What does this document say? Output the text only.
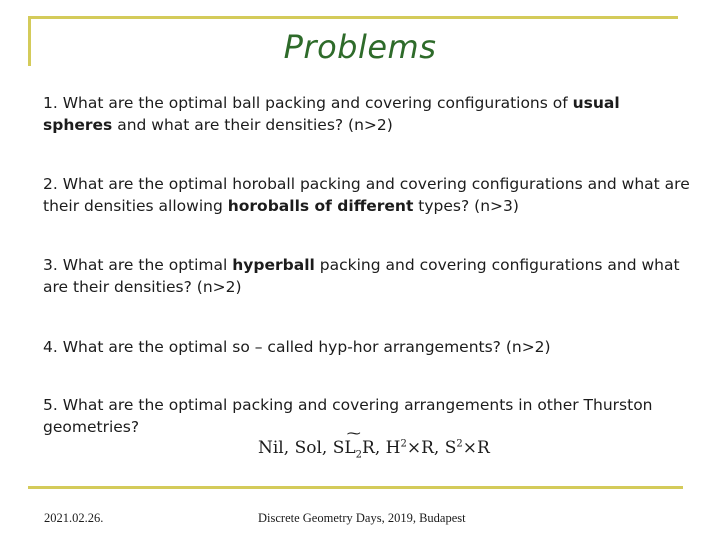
Problems
1. What are the optimal ball packing and covering configurations of usual spheres and what are their densities? (n>2)
2. What are the optimal horoball packing and covering configurations and what are their densities allowing horoballs of different types? (n>3)
3. What are the optimal hyperball packing and covering configurations and what are their densities? (n>2)
4. What are the optimal so – called hyp-hor arrangements? (n>2)
5. What are the optimal packing and covering arrangements in other Thurston geometries?
Nil, Sol,
⁓
$SL_2R$, $H^2\times R$, $S^2\times R$
2021.02.26.	Discrete Geometry Days, 2019, Budapest
